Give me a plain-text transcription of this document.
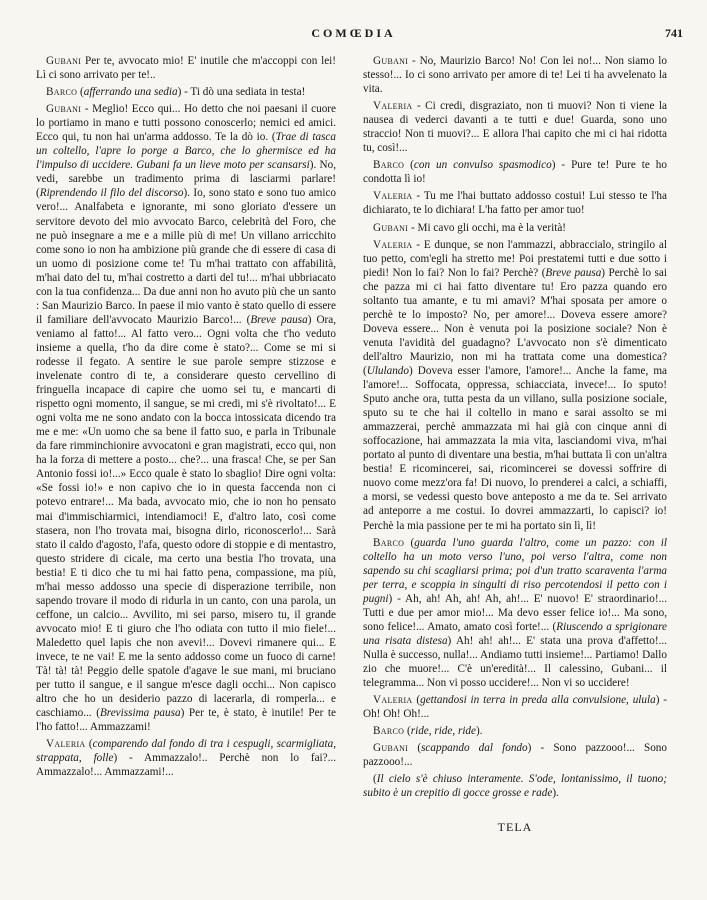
COMŒDIA	741

Gubani Per te, avvocato mio! E' inutile che m'accoppi con lei! Lì ci sono arrivato per te!..

Barco (afferrando una sedia) - Ti dò una sediata in testa!

Gubani - Meglio! Ecco qui... Ho detto che noi paesani il cuore lo portiamo in mano e tutti possono conoscerlo; nemici ed amici. Ecco qui, tu non hai un'arma addosso. Te la dò io. (Trae di tasca un coltello, l'apre lo porge a Barco, che lo ghermisce ed ha l'impulso di uccidere. Gubani fa un lieve moto per scansarsi). No, vedi, sarebbe un tradimento prima di lasciarmi parlare! (Riprendendo il filo del discorso). Io, sono stato e sono tuo amico vero!... Analfabeta e ignorante, mi sono gloriato d'essere un servitore devoto del mio avvocato Barco, celebrità del Foro, che ne può insegnare a me e a mille più di me! Un villano arricchito come sono io non ha ambizione più grande che di essere di casa di un uomo di posizione come te! Tu m'hai trattato con affabilità, m'hai dato del tu, m'hai costretto a darti del tu!... m'hai ubbriacato con la tua confidenza... Da due anni non ho avuto più che un santo : San Maurizio Barco. In paese il mio vanto è stato quello di essere il familiare dell'avvocato Maurizio Barco!... (Breve pausa) Ora, veniamo al fatto!... Al fatto vero... Ogni volta che t'ho veduto insieme a quella, t'ho da dire come è stato?... Come se mi si rodesse il fegato. A sentire le sue parole sempre stizzose e invelenate contro di te, a considerare questo cervellino di fringuella incapace di capire che uomo sei tu, e mancarti di rispetto ogni momento, il sangue, se mi credi, mi s'è rivoltato!... E ogni volta me ne sono andato con la bocca intossicata dicendo tra me e me: «Un uomo che sa bene il fatto suo, e parla in Tribunale da fare rimminchionire avvocatoni e gran magistrati, ecco qui, non ha la forza di mettere a posto... che?... una frasca! Che, se per San Antonio fossi io!...» Ecco quale è stato lo sbaglio! Dire ogni volta: «Se fossi io!» e non capivo che io in questa faccenda non ci potevo entrare!... Ma bada, avvocato mio, che io non ho pensato mai d'immischiarmici, intendiamoci! E, d'altro lato, così come stasera, non l'ho trovata mai, bisogna dirlo, riconoscerlo!... Sarà stato il caldo d'agosto, l'afa, questo odore di stoppie e di mentastro, questo stridere di cicale, ma certo una bestia l'ho trovata, una bestia! E ti dico che tu mi hai fatto pena, compassione, ma più, m'hai messo addosso una specie di disperazione terribile, non sapendo trovare il modo di ridurla in un canto, con una parola, un ceffone, un calcio... Avvilito, mi sei parso, misero tu, il grande avvocato mio! E ti giuro che l'ho odiata con tutto il mio fiele!... Maledetto quel lapis che non avevi!... Dovevi rimanere qui... E invece, te ne vai! E me la sento addosso come un fuoco di carne! Tà! tà! tà! Peggio delle spatole d'agave le sue mani, mi bruciano per tutto il sangue, e il sangue m'esce dagli occhi... Non capisco altro che ho un desiderio pazzo di lacerarla, di romperla... e caschiamo... (Brevissima pausa) Per te, è stato, è inutile! Per te l'ho fatto!... Ammazzami!

Valeria (comparendo dal fondo di tra i cespugli, scarmigliata, strappata, folle) - Ammazzalo!.. Perchè non lo fai?... Ammazzalo!... Ammazzami!...

Gubani - No, Maurizio Barco! No! Con lei no!... Non siamo lo stesso!... Io ci sono arrivato per amore di te! Lei ti ha avvelenato la vita.

Valeria - Ci credi, disgraziato, non ti muovi? Non ti viene la nausea di vederci davanti a te tutti e due! Guarda, sono uno straccio! Non ti muovi?... E allora l'hai capito che mi ci hai ridotta tu, così!...

Barco (con un convulso spasmodico) - Pure te! Pure te ho condotta lì io!

Valeria - Tu me l'hai buttato addosso costui! Lui stesso te l'ha dichiarato, te lo dichiara! L'ha fatto per amor tuo!

Gubani - Mi cavo gli occhi, ma è la verità!

Valeria - E dunque, se non l'ammazzi, abbraccialo, stringilo al tuo petto, com'egli ha stretto me! Poi prestatemi tutti e due sotto i piedi! Non lo fai? Non lo fai? Perchè? (Breve pausa) Perchè lo sai che pazza mi ci hai fatto diventare tu! Ero pazza quando ero soltanto tua amante, e tu mi amavi? M'hai sposata per amore o perchè te lo imposto? No, per amore!... Doveva essere amore? Doveva essere... Non è venuta poi la posizione sociale? Non è venuta l'avidità del guadagno? L'avvocato non s'è dimenticato dell'altro Maurizio, non mi ha trattata come una domestica? (Ululando) Doveva esser l'amore, l'amore!... Anche la fame, ma l'amore!... Soffocata, oppressa, schiacciata, invece!... Io sputo! Sputo anche ora, tutta pesta da un villano, sulla posizione sociale, sputo su te che hai il coltello in mano e sarai assolto se mi ammazzerai, perchè ammazzata mi hai già con cinque anni di soffocazione, hai ammazzata la mia vita, lasciandomi viva, m'hai portato al punto di diventare una bestia, m'hai buttata lì con un'altra bestia! E ricomincerei, sai, ricomincerei se dovessi soffrire di nuovo come mezz'ora fa! Di nuovo, lo prenderei a calci, a schiaffi, a morsi, se vedessi questo bove anteposto a me da te. Sei arrivato ad anteporre a me costui. Io dovrei ammazzarti, lo capisci? io! Perchè la mia passione per te mi ha portato sin lì, lì!

Barco (guarda l'uno guarda l'altro, come un pazzo: con il coltello ha un moto verso l'uno, poi verso l'altra, come non sapendo su chi scagliarsi prima; poi d'un tratto scaraventa l'arma per terra, e scoppia in singulti di riso percotendosi il petto con i pugni) - Ah, ah! Ah, ah! Ah, ah!... E' nuovo! E' straordinario!... Tutti e due per amor mio!... Ma devo esser felice io!... Ma sono, sono felice!... Amato, amato così forte!... (Riuscendo a sprigionare una risata distesa) Ah! ah! ah!... E' stata una prova d'affetto!... Nulla è successo, nulla!... Andiamo tutti insieme!... Partiamo! Dallo zio che muore!... C'è un'eredità!... Il calessino, Gubani... il telegramma... Non vi posso uccidere!... Non vi so uccidere!

Valeria (gettandosi in terra in preda alla convulsione, ulula) - Oh! Oh! Oh!...

Barco (ride, ride, ride).

Gubani (scappando dal fondo) - Sono pazzooo!... Sono pazzooo!...

(Il cielo s'è chiuso interamente. S'ode, lontanissimo, il tuono; subito è un crepitio di gocce grosse e rade).

TELA
